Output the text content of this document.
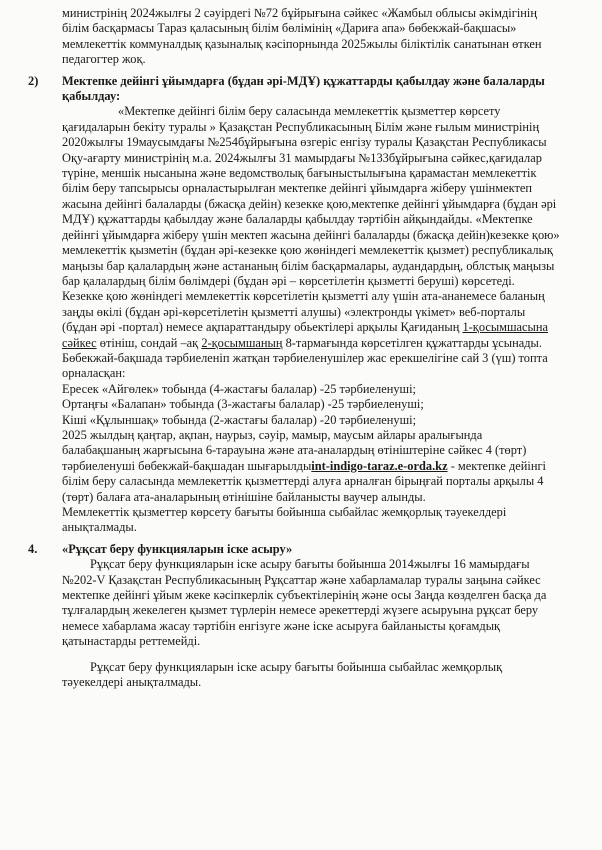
министрінің 2024жылғы 2 сәуірдегі №72 бұйрығына сәйкес «Жамбыл облысы әкімдігінің білім басқармасы Тараз қаласының білім бөлімінің «Дариға апа» бөбекжай-бақшасы» мемлекеттік коммуналдық қазыналық кәсіпорнында 2025жылы біліктілік санатынан өткен педагогтер жоқ.

2) Мектепке дейінгі ұйымдарға (бұдан әрі-МДҰ) құжаттарды қабылдау және балаларды қабылдау:

«Мектепке дейінгі білім беру саласында мемлекеттік қызметтер көрсету қағидаларын бекіту туралы » Қазақстан Республикасының Білім және ғылым министрінің 2020жылғы 19маусымдағы №254бұйрығына өзгеріс енгізу туралы Қазақстан Республикасы Оқу-ағарту министрінің м.а. 2024жылғы 31 мамырдағы №133бұйрығына сәйкес,қағидалар түріне, меншік нысанына және ведомстволық бағыныстылығына қарамастан мемлекеттік білім беру тапсырысы орналастырылған мектепке дейінгі ұйымдарға жіберу үшінмектеп жасына дейінгі балаларды (бжасқа дейін) кезекке қою,мектепке дейінгі ұйымдарға (бұдан әрі МДҰ) құжаттарды қабылдау және балаларды қабылдау тәртібін айқындайды. «Мектепке дейінгі ұйымдарға жіберу үшін мектеп жасына дейінгі балаларды (бжасқа дейін)кезекке қою» мемлекеттік қызметін (бұдан әрі-кезекке қою жөніндегі мемлекеттік қызмет) республикалық маңызы бар қалалардың және астананың білім басқармалары, аудандардың, облстық маңызы бар қалалардың білім бөлімдері (бұдан әрі – көрсетілетін қызметті беруші) көрсетеді.

Кезекке қою жөніндегі мемлекеттік көрсетілетін қызметті алу үшін ата-ананемесе баланың заңды өкілі (бұдан әрі-көрсетілетін қызметті алушы) «электронды үкімет» веб-порталы (бұдан әрі -портал) немесе ақпараттандыру обьектілері арқылы Қағиданың 1-қосымшасына сәйкес өтініш, сондай –ақ 2-қосымшаның 8-тармағында көрсетілген құжаттарды ұсынады.

Бөбекжай-бақшада тәрбиеленіп жатқан тәрбиеленушілер жас ерекшелігіне сай 3 (үш) топта орналасқан:

Ересек «Айгөлек» тобында (4-жастағы балалар) -25 тәрбиеленуші;

Ортаңғы «Балапан» тобында (3-жастағы балалар) -25 тәрбиеленуші;

Кіші «Құлыншақ» тобында (2-жастағы балалар) -20 тәрбиеленуші;

2025 жылдың қаңтар, ақпан, наурыз, сәуір, мамыр, маусым айлары аралығында балабақшаның жарғысына 6-тарауына және ата-аналардың өтініштеріне сәйкес 4 (төрт) тәрбиеленуші бөбекжай-бақшадан шығарылдыint-indigo-taraz.e-orda.kz - мектепке дейінгі білім беру саласында мемлекеттік қызметтерді алуға арналған бірыңғай порталы арқылы 4 (төрт) балаға ата-аналарының өтінішіне байланысты ваучер алынды.

Мемлекеттік қызметтер көрсету бағыты бойынша сыбайлас жемқорлық тәуекелдері анықталмады.

4. «Рұқсат беру функцияларын іске асыру»

Рұқсат беру функцияларын іске асыру бағыты бойынша 2014жылғы 16 мамырдағы №202-V Қазақстан Республикасының Рұқсаттар және хабарламалар туралы заңына сәйкес мектепке дейінгі ұйым жеке кәсіпкерлік субъектілерінің және осы Заңда көзделген басқа да тұлғалардың жекелеген қызмет түрлерін немесе әрекеттерді жүзеге асыруына рұқсат беру немесе хабарлама жасау тәртібін енгізуге және іске асыруға байланысты қоғамдық қатынастарды реттемейді.

Рұқсат беру функцияларын іске асыру бағыты бойынша сыбайлас жемқорлық тәуекелдері анықталмады.
